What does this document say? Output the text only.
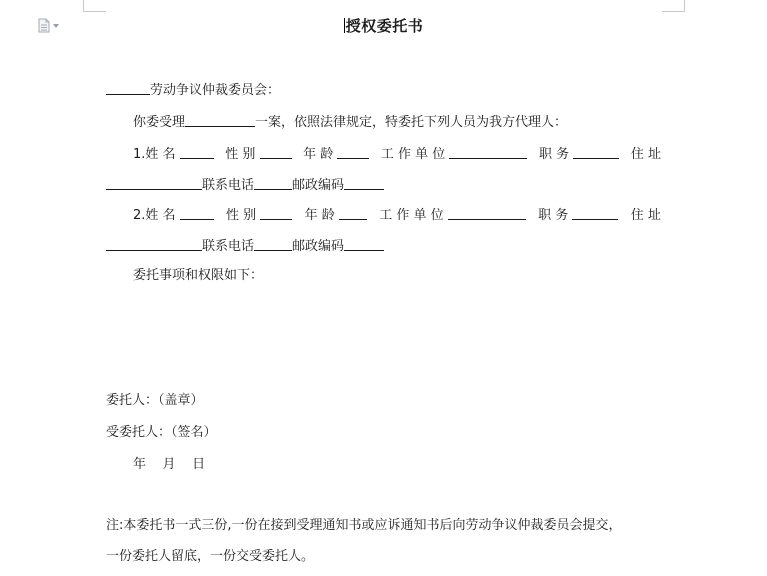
授权委托书
劳动争议仲裁委员会：
你委受理	一案，依照法律规定，特委托下列人员为我方代理人：
1.姓 名	性 别	年 龄	工 作 单 位	职 务	住 址
联系电话	邮政编码
2.姓 名	性 别	年 龄	工 作 单 位	职 务	住 址
联系电话	邮政编码
委托事项和权限如下：
委托人：（盖章）
受委托人：（签名）
年 月 日
注:本委托书一式三份,一份在接到受理通知书或应诉通知书后向劳动争议仲裁委员会提交，
一份委托人留底，一份交受委托人。
